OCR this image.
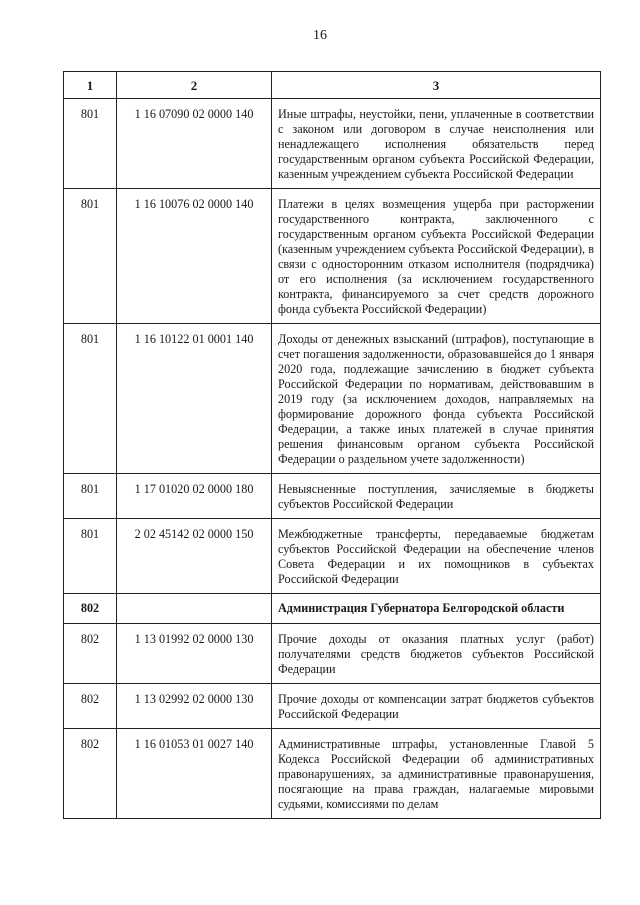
16
1	2	3
801	1 16 07090 02 0000 140	Иные штрафы, неустойки, пени, уплаченные в соответствии с законом или договором в случае неисполнения или ненадлежащего исполнения обязательств перед государственным органом субъекта Российской Федерации, казенным учреждением субъекта Российской Федерации
801	1 16 10076 02 0000 140	Платежи в целях возмещения ущерба при расторжении государственного контракта, заключенного с государственным органом субъекта Российской Федерации (казенным учреждением субъекта Российской Федерации), в связи с односторонним отказом исполнителя (подрядчика) от его исполнения (за исключением государственного контракта, финансируемого за счет средств дорожного фонда субъекта Российской Федерации)
801	1 16 10122 01 0001 140	Доходы от денежных взысканий (штрафов), поступающие в счет погашения задолженности, образовавшейся до 1 января 2020 года, подлежащие зачислению в бюджет субъекта Российской Федерации по нормативам, действовавшим в 2019 году (за исключением доходов, направляемых на формирование дорожного фонда субъекта Российской Федерации, а также иных платежей в случае принятия решения финансовым органом субъекта Российской Федерации о раздельном учете задолженности)
801	1 17 01020 02 0000 180	Невыясненные поступления, зачисляемые в бюджеты субъектов Российской Федерации
801	2 02 45142 02 0000 150	Межбюджетные трансферты, передаваемые бюджетам субъектов Российской Федерации на обеспечение членов Совета Федерации и их помощников в субъектах Российской Федерации
802		Администрация Губернатора Белгородской области
802	1 13 01992 02 0000 130	Прочие доходы от оказания платных услуг (работ) получателями средств бюджетов субъектов Российской Федерации
802	1 13 02992 02 0000 130	Прочие доходы от компенсации затрат бюджетов субъектов Российской Федерации
802	1 16 01053 01 0027 140	Административные штрафы, установленные Главой 5 Кодекса Российской Федерации об административных правонарушениях, за административные правонарушения, посягающие на права граждан, налагаемые мировыми судьями, комиссиями по делам
